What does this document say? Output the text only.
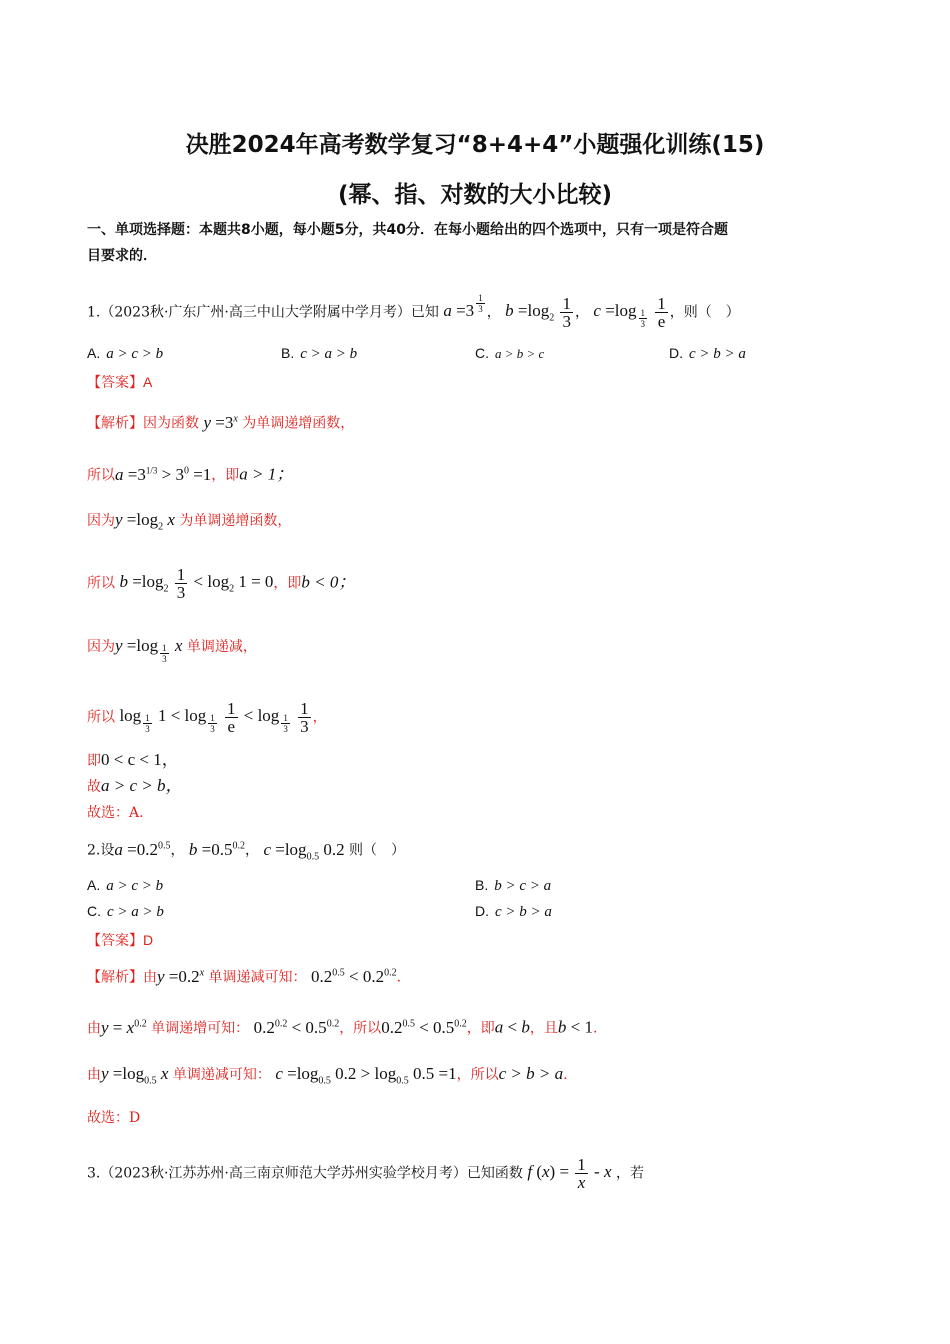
决胜2024年高考数学复习“8+4+4”小题强化训练(15)
(幂、指、对数的大小比较)
一、单项选择题：本题共8小题，每小题5分，共40分．在每小题给出的四个选项中，只有一项是符合题
目要求的．
1.（2023秋·广东广州·高三中山大学附属中学月考）已知 a =3 $^{\frac{1}{3}}$ ， $b =\log_2 \frac{1}{3}$ ， c =log $_{\frac{1}{3}}$
$\frac{1}{e}$ ，则（　）
A. a > c > b	B. c > a > b	C. a > b > c	D. c > b > a
【答案】A
【解析】因为函数 $y =3^x$ 为单调递增函数，
所以$a =3^{1/3} > 3^0 =1$，即a > 1；
因为$y =\log_2$ x 为单调递增函数，
所以 $b =\log_2 \frac{1}{3} < \log_2 1 = 0$，即b < 0；
因为y =log $_{\frac{1}{3}}$ x 单调递减，
所以 log $_{\frac{1}{3}}$ 1 < log $_{\frac{1}{3}}$
$\frac{1}{e} < \log _{\frac{1}{3}}$
$\frac{1}{3}$ ，
即0 < c < 1，
故a > c > b，
故选：A.
2.设$a =0.2^{0.5}$， $b =0.5^{0.2}$， $c =\log_{0.5}$ 0.2 则（　）
A. a > c > b	B. b > c > a
C. c > a > b	D. c > b > a
【答案】D
【解析】由$y =0.2^x$ 单调递减可知： $0.2^{0.5} < 0.2^{0.2}$.
由$y = x^{0.2}$ 单调递增可知： $0.2^{0.2} < 0.5^{0.2}$，所以$0.2^{0.5} < 0.5^{0.2}$，即a < b，且b < 1.
由$y =\log_{0.5}$ x 单调递减可知： $c =\log_{0.5}$ $0.2 > \log_{0.5} 0.5 =1$，所以c > b > a.
故选：D
3.（2023秋·江苏苏州·高三南京师范大学苏州实验学校月考）已知函数 f $(x) = \frac{1}{x} - x$ ，若
